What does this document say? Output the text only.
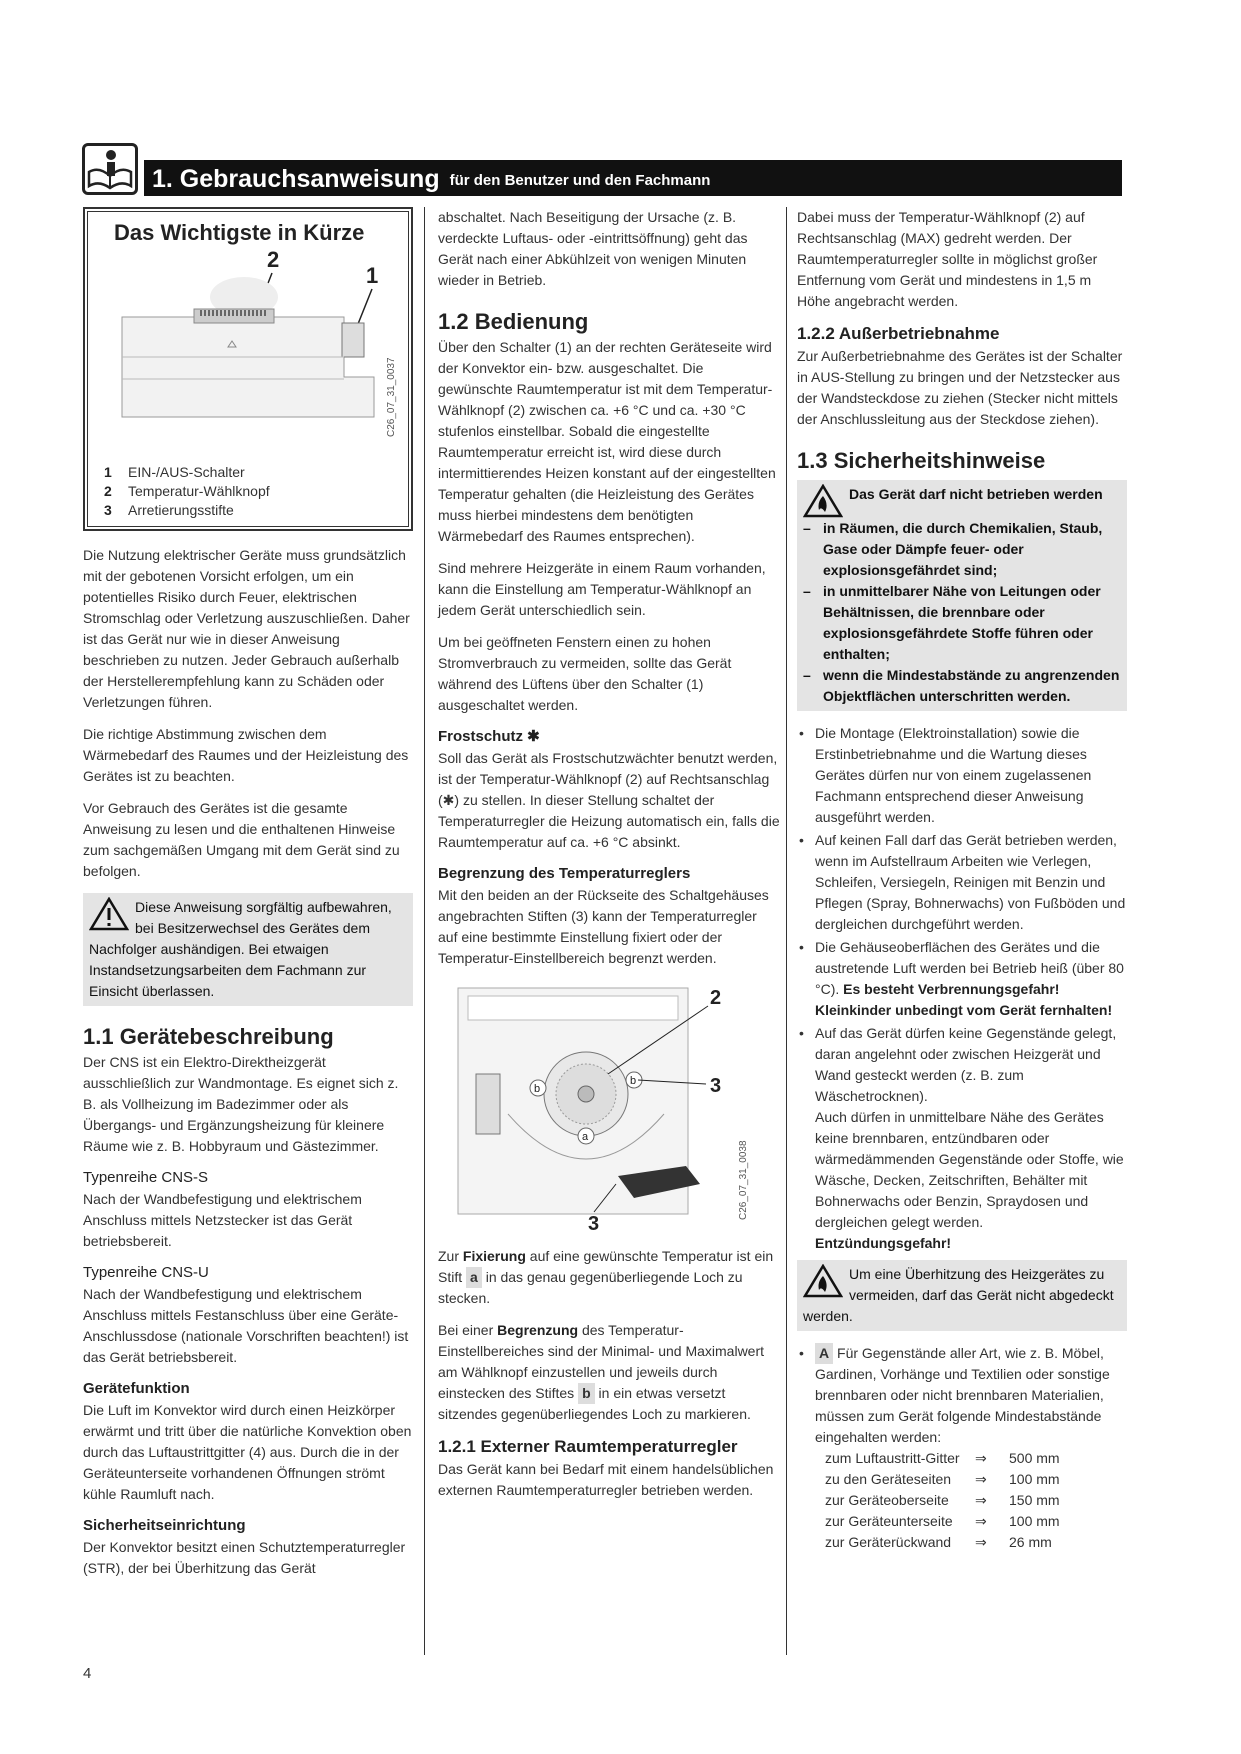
1. Gebrauchsanweisung für den Benutzer und den Fachmann
Das Wichtigste in Kürze
2
1
C26_07_31_0037
1 EIN-/AUS-Schalter
2 Temperatur-Wählknopf
3 Arretierungsstifte

Die Nutzung elektrischer Geräte muss grundsätzlich mit der gebotenen Vorsicht erfolgen, um ein potentielles Risiko durch Feuer, elektrischen Stromschlag oder Verletzung auszuschließen. Daher ist das Gerät nur wie in dieser Anweisung beschrieben zu nutzen. Jeder Gebrauch außerhalb der Herstellerempfehlung kann zu Schäden oder Verletzungen führen.

Die richtige Abstimmung zwischen dem Wärmebedarf des Raumes und der Heizleistung des Gerätes ist zu beachten.

Vor Gebrauch des Gerätes ist die gesamte Anweisung zu lesen und die enthaltenen Hinweise zum sachgemäßen Umgang mit dem Gerät sind zu befolgen.

Diese Anweisung sorgfältig aufbewahren, bei Besitzerwechsel des Gerätes dem Nachfolger aushändigen. Bei etwaigen Instandsetzungsarbeiten dem Fachmann zur Einsicht überlassen.
1.1 Gerätebeschreibung

Der CNS ist ein Elektro-Direktheizgerät ausschließlich zur Wandmontage. Es eignet sich z. B. als Vollheizung im Badezimmer oder als Übergangs- und Ergänzungsheizung für kleinere Räume wie z. B. Hobbyraum und Gästezimmer.

Typenreihe CNS-S

Nach der Wandbefestigung und elektrischem Anschluss mittels Netzstecker ist das Gerät betriebsbereit.

Typenreihe CNS-U

Nach der Wandbefestigung und elektrischem Anschluss mittels Festanschluss über eine Geräte-Anschlussdose (nationale Vorschriften beachten!) ist das Gerät betriebsbereit.

Gerätefunktion

Die Luft im Konvektor wird durch einen Heizkörper erwärmt und tritt über die natürliche Konvektion oben durch das Luftaustrittgitter (4) aus. Durch die in der Geräteunterseite vorhandenen Öffnungen strömt kühle Raumluft nach.

Sicherheitseinrichtung

Der Konvektor besitzt einen Schutztemperaturregler (STR), der bei Überhitzung das Gerät

abschaltet. Nach Beseitigung der Ursache (z. B. verdeckte Luftaus- oder -eintrittsöffnung) geht das Gerät nach einer Abkühlzeit von wenigen Minuten wieder in Betrieb.

1.2 Bedienung

Über den Schalter (1) an der rechten Geräteseite wird der Konvektor ein- bzw. ausgeschaltet. Die gewünschte Raumtemperatur ist mit dem Temperatur-Wählknopf (2) zwischen ca. +6 °C und ca. +30 °C stufenlos einstellbar. Sobald die eingestellte Raumtemperatur erreicht ist, wird diese durch intermittierendes Heizen konstant auf der eingestellten Temperatur gehalten (die Heizleistung des Gerätes muss hierbei mindestens dem benötigten Wärmebedarf des Raumes entsprechen).

Sind mehrere Heizgeräte in einem Raum vorhanden, kann die Einstellung am Temperatur-Wählknopf an jedem Gerät unterschiedlich sein.

Um bei geöffneten Fenstern einen zu hohen Stromverbrauch zu vermeiden, sollte das Gerät während des Lüftens über den Schalter (1) ausgeschaltet werden.

Frostschutz ✱

Soll das Gerät als Frostschutzwächter benutzt werden, ist der Temperatur-Wählknopf (2) auf Rechtsanschlag (✱) zu stellen. In dieser Stellung schaltet der Temperaturregler die Heizung automatisch ein, falls die Raumtemperatur auf ca. +6 °C absinkt.

Begrenzung des Temperaturreglers

Mit den beiden an der Rückseite des Schaltgehäuses angebrachten Stiften (3) kann der Temperaturregler auf eine bestimmte Einstellung fixiert oder der Temperatur-Einstellbereich begrenzt werden.

b
b
a
2
3
3
C26_07_31_0038

Zur Fixierung auf eine gewünschte Temperatur ist ein Stift a in das genau gegenüberliegende Loch zu stecken.

Bei einer Begrenzung des Temperatur-Einstellbereiches sind der Minimal- und Maximalwert am Wählknopf einzustellen und jeweils durch einstecken des Stiftes b in ein etwas versetzt sitzendes gegenüberliegendes Loch zu markieren.

1.2.1 Externer Raumtemperaturregler

Das Gerät kann bei Bedarf mit einem handelsüblichen externen Raumtemperaturregler betrieben werden.

Dabei muss der Temperatur-Wählknopf (2) auf Rechtsanschlag (MAX) gedreht werden. Der Raumtemperaturregler sollte in möglichst großer Entfernung vom Gerät und mindestens in 1,5 m Höhe angebracht werden.

1.2.2 Außerbetriebnahme

Zur Außerbetriebnahme des Gerätes ist der Schalter in AUS-Stellung zu bringen und der Netzstecker aus der Wandsteckdose zu ziehen (Stecker nicht mittels der Anschlussleitung aus der Steckdose ziehen).

1.3 Sicherheitshinweise
Das Gerät darf nicht betrieben werden
– in Räumen, die durch Chemikalien, Staub, Gase oder Dämpfe feuer- oder explosionsgefährdet sind;
– in unmittelbarer Nähe von Leitungen oder Behältnissen, die brennbare oder explosionsgefährdete Stoffe führen oder enthalten;
– wenn die Mindestabstände zu angrenzenden Objektflächen unterschritten werden.
• Die Montage (Elektroinstallation) sowie die Erstinbetriebnahme und die Wartung dieses Gerätes dürfen nur von einem zugelassenen Fachmann entsprechend dieser Anweisung ausgeführt werden.
• Auf keinen Fall darf das Gerät betrieben werden, wenn im Aufstellraum Arbeiten wie Verlegen, Schleifen, Versiegeln, Reinigen mit Benzin und Pflegen (Spray, Bohnerwachs) von Fußböden und dergleichen durchgeführt werden.
• Die Gehäuseoberflächen des Gerätes und die austretende Luft werden bei Betrieb heiß (über 80 °C). Es besteht Verbrennungsgefahr!
Kleinkinder unbedingt vom Gerät fernhalten!
• Auf das Gerät dürfen keine Gegenstände gelegt, daran angelehnt oder zwischen Heizgerät und Wand gesteckt werden (z. B. zum Wäschetrocknen).
Auch dürfen in unmittelbare Nähe des Gerätes keine brennbaren, entzündbaren oder wärmedämmenden Gegenstände oder Stoffe, wie Wäsche, Decken, Zeitschriften, Behälter mit Bohnerwachs oder Benzin, Spraydosen und dergleichen gelegt werden.
Entzündungsgefahr!
Um eine Überhitzung des Heizgerätes zu vermeiden, darf das Gerät nicht abgedeckt werden.
• A Für Gegenstände aller Art, wie z. B. Möbel, Gardinen, Vorhänge und Textilien oder sonstige brennbaren oder nicht brennbaren Materialien, müssen zum Gerät folgende Mindestabstände eingehalten werden:
zum Luftaustritt-Gitter	⇒	500 mm
zu den Geräteseiten	⇒	100 mm
zur Geräteoberseite	⇒	150 mm
zur Geräteunterseite	⇒	100 mm
zur Geräterückwand	⇒	26 mm
4
